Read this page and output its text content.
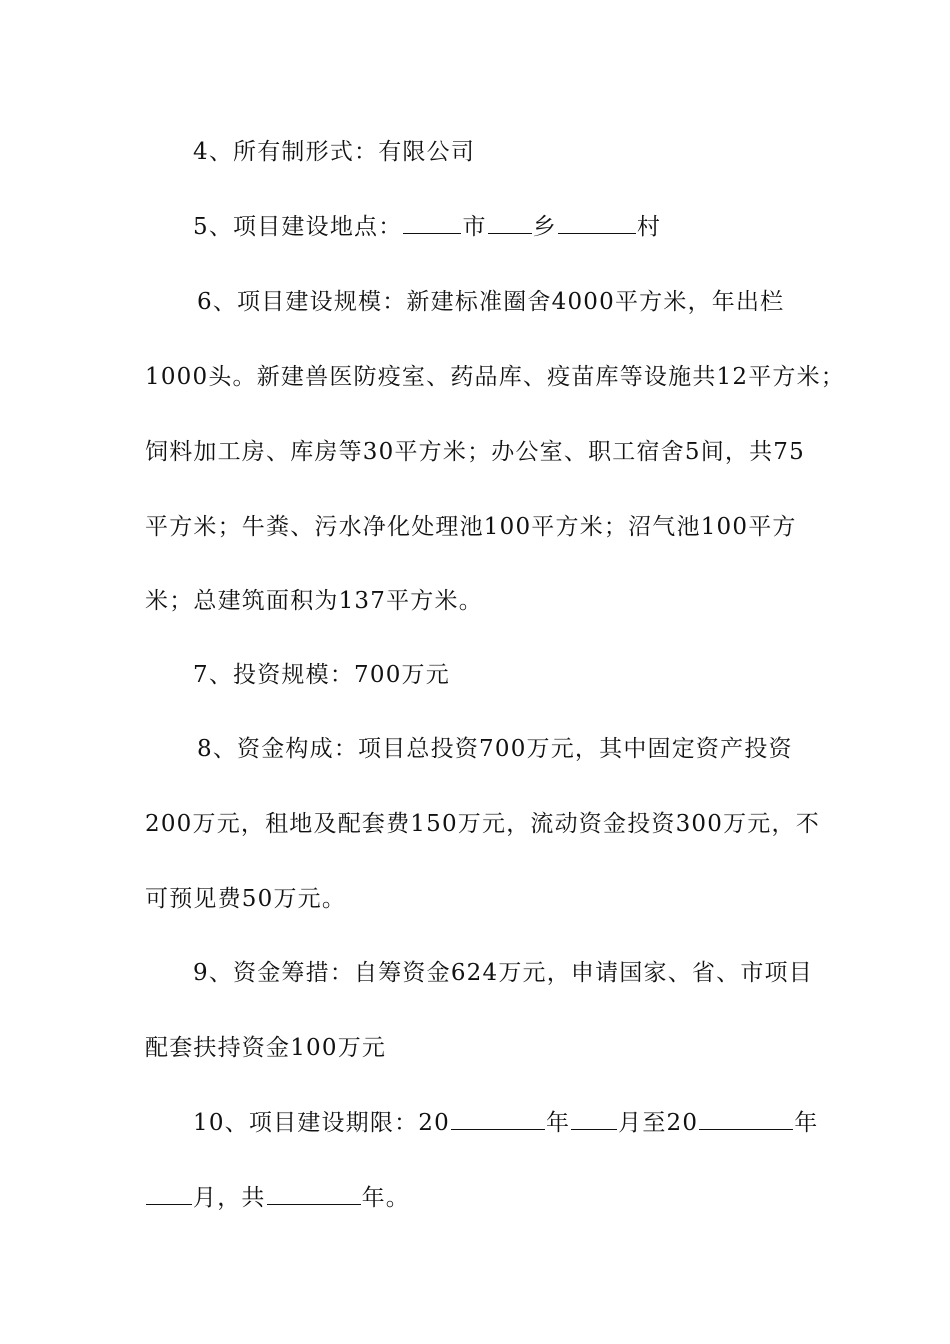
4、所有制形式：有限公司
5、项目建设地点：	市 乡	村
6、项目建设规模：新建标准圈舍4000平方米，年出栏
1000头。新建兽医防疫室、药品库、疫苗库等设施共12平方米；
饲料加工房、库房等30平方米；办公室、职工宿舍5间，共75
平方米；牛粪、污水净化处理池100平方米；沼气池100平方
米；总建筑面积为137平方米。
7、投资规模：700万元
8、资金构成：项目总投资700万元，其中固定资产投资
200万元，租地及配套费150万元，流动资金投资300万元，不
可预见费50万元。
9、资金筹措：自筹资金624万元，申请国家、省、市项目
配套扶持资金100万元
10、项目建设期限：20	年 月至20	年
月，共	年。
